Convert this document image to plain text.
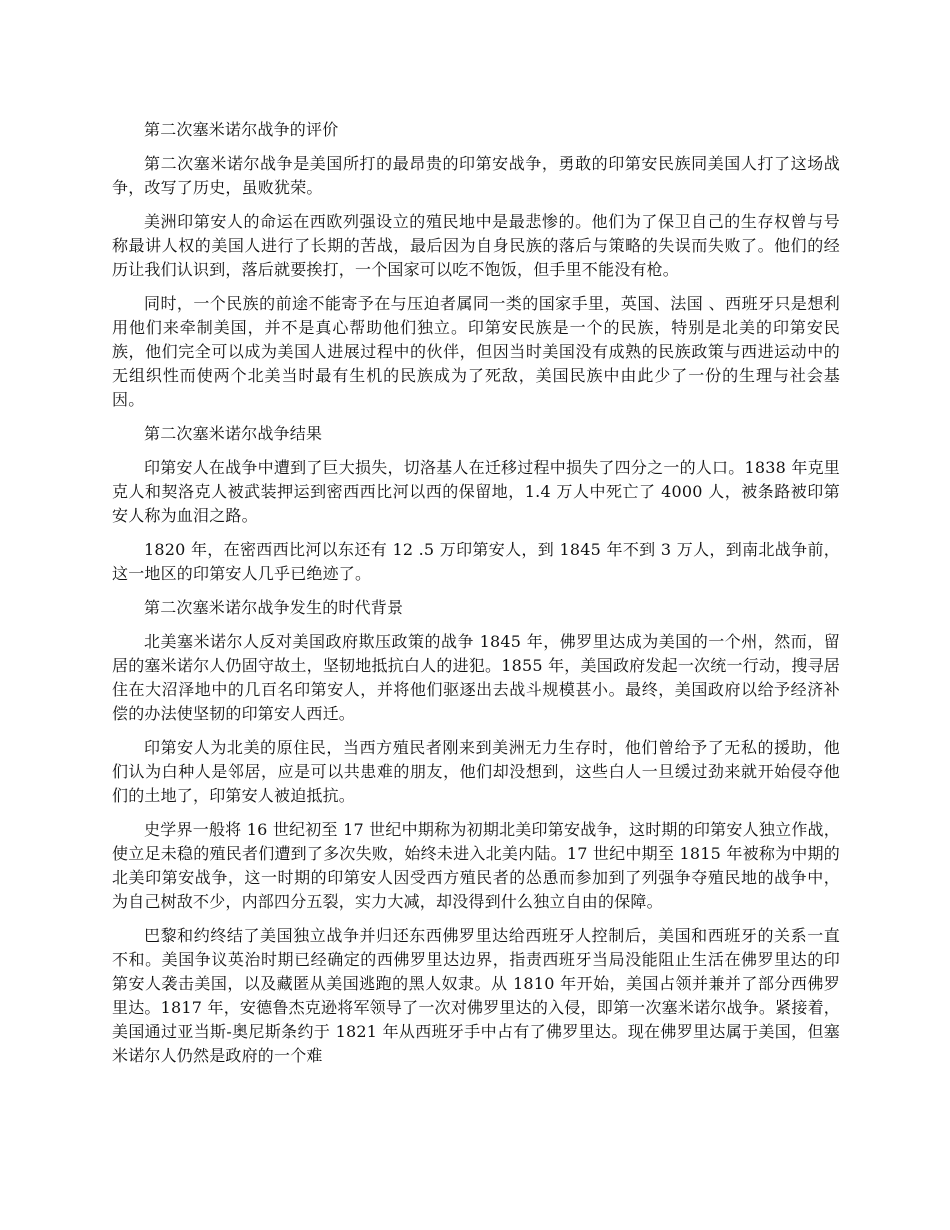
第二次塞米诺尔战争的评价

第二次塞米诺尔战争是美国所打的最昂贵的印第安战争，勇敢的印第安民族同美国人打了这场战争，改写了历史，虽败犹荣。

美洲印第安人的命运在西欧列强设立的殖民地中是最悲惨的。他们为了保卫自己的生存权曾与号称最讲人权的美国人进行了长期的苦战，最后因为自身民族的落后与策略的失误而失败了。他们的经历让我们认识到，落后就要挨打，一个国家可以吃不饱饭，但手里不能没有枪。

同时，一个民族的前途不能寄予在与压迫者属同一类的国家手里，英国、法国 、西班牙只是想利用他们来牵制美国，并不是真心帮助他们独立。印第安民族是一个的民族，特别是北美的印第安民族，他们完全可以成为美国人进展过程中的伙伴，但因当时美国没有成熟的民族政策与西进运动中的无组织性而使两个北美当时最有生机的民族成为了死敌，美国民族中由此少了一份的生理与社会基因。

第二次塞米诺尔战争结果

印第安人在战争中遭到了巨大损失，切洛基人在迁移过程中损失了四分之一的人口。1838 年克里克人和契洛克人被武装押运到密西西比河以西的保留地，1.4 万人中死亡了 4000 人，被条路被印第安人称为血泪之路。

1820 年，在密西西比河以东还有 12 .5 万印第安人，到 1845 年不到 3 万人，到南北战争前，这一地区的印第安人几乎已绝迹了。

第二次塞米诺尔战争发生的时代背景

北美塞米诺尔人反对美国政府欺压政策的战争 1845 年，佛罗里达成为美国的一个州，然而，留居的塞米诺尔人仍固守故土，坚韧地抵抗白人的进犯。1855 年，美国政府发起一次统一行动，搜寻居住在大沼泽地中的几百名印第安人，并将他们驱逐出去战斗规模甚小。最终，美国政府以给予经济补偿的办法使坚韧的印第安人西迁。

印第安人为北美的原住民，当西方殖民者刚来到美洲无力生存时，他们曾给予了无私的援助，他们认为白种人是邻居，应是可以共患难的朋友，他们却没想到，这些白人一旦缓过劲来就开始侵夺他们的土地了，印第安人被迫抵抗。

史学界一般将 16 世纪初至 17 世纪中期称为初期北美印第安战争，这时期的印第安人独立作战，使立足未稳的殖民者们遭到了多次失败，始终未进入北美内陆。17 世纪中期至 1815 年被称为中期的北美印第安战争，这一时期的印第安人因受西方殖民者的怂恿而参加到了列强争夺殖民地的战争中，为自己树敌不少，内部四分五裂，实力大减，却没得到什么独立自由的保障。

巴黎和约终结了美国独立战争并归还东西佛罗里达给西班牙人控制后，美国和西班牙的关系一直不和。美国争议英治时期已经确定的西佛罗里达边界，指责西班牙当局没能阻止生活在佛罗里达的印第安人袭击美国，以及藏匿从美国逃跑的黑人奴隶。从 1810 年开始，美国占领并兼并了部分西佛罗里达。1817 年，安德鲁杰克逊将军领导了一次对佛罗里达的入侵，即第一次塞米诺尔战争。紧接着，美国通过亚当斯-奥尼斯条约于 1821 年从西班牙手中占有了佛罗里达。现在佛罗里达属于美国，但塞米诺尔人仍然是政府的一个难
